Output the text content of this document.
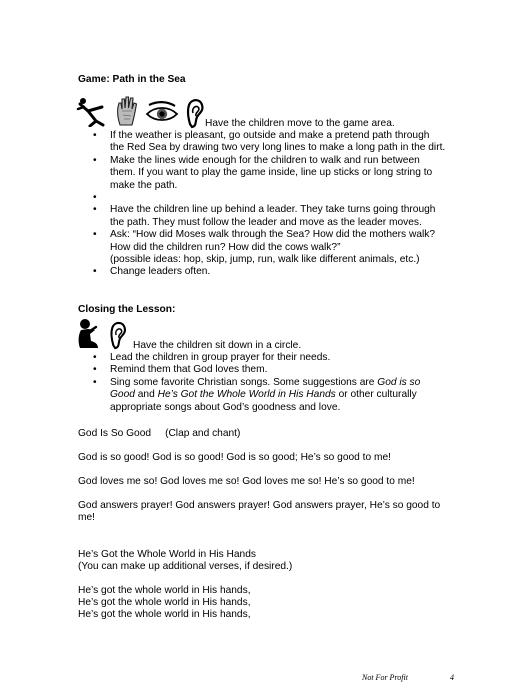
Game: Path in the Sea
Have the children move to the game area.
• If the weather is pleasant, go outside and make a pretend path through
the Red Sea by drawing two very long lines to make a long path in the dirt.
• Make the lines wide enough for the children to walk and run between
them. If you want to play the game inside, line up sticks or long string to
make the path.
•
• Have the children line up behind a leader. They take turns going through
the path. They must follow the leader and move as the leader moves.
• Ask: “How did Moses walk through the Sea? How did the mothers walk?
How did the children run? How did the cows walk?”
(possible ideas: hop, skip, jump, run, walk like different animals, etc.)
• Change leaders often.
Closing the Lesson:
Have the children sit down in a circle.
• Lead the children in group prayer for their needs.
• Remind them that God loves them.
• Sing some favorite Christian songs. Some suggestions are God is so
Good and He’s Got the Whole World in His Hands or other culturally
appropriate songs about God’s goodness and love.
God Is So Good (Clap and chant)
God is so good! God is so good! God is so good; He’s so good to me!
God loves me so! God loves me so! God loves me so! He’s so good to me!
God answers prayer! God answers prayer! God answers prayer, He’s so good to
me!
He’s Got the Whole World in His Hands
(You can make up additional verses, if desired.)
He’s got the whole world in His hands,
He’s got the whole world in His hands,
He’s got the whole world in His hands,
Not For Profit	4
